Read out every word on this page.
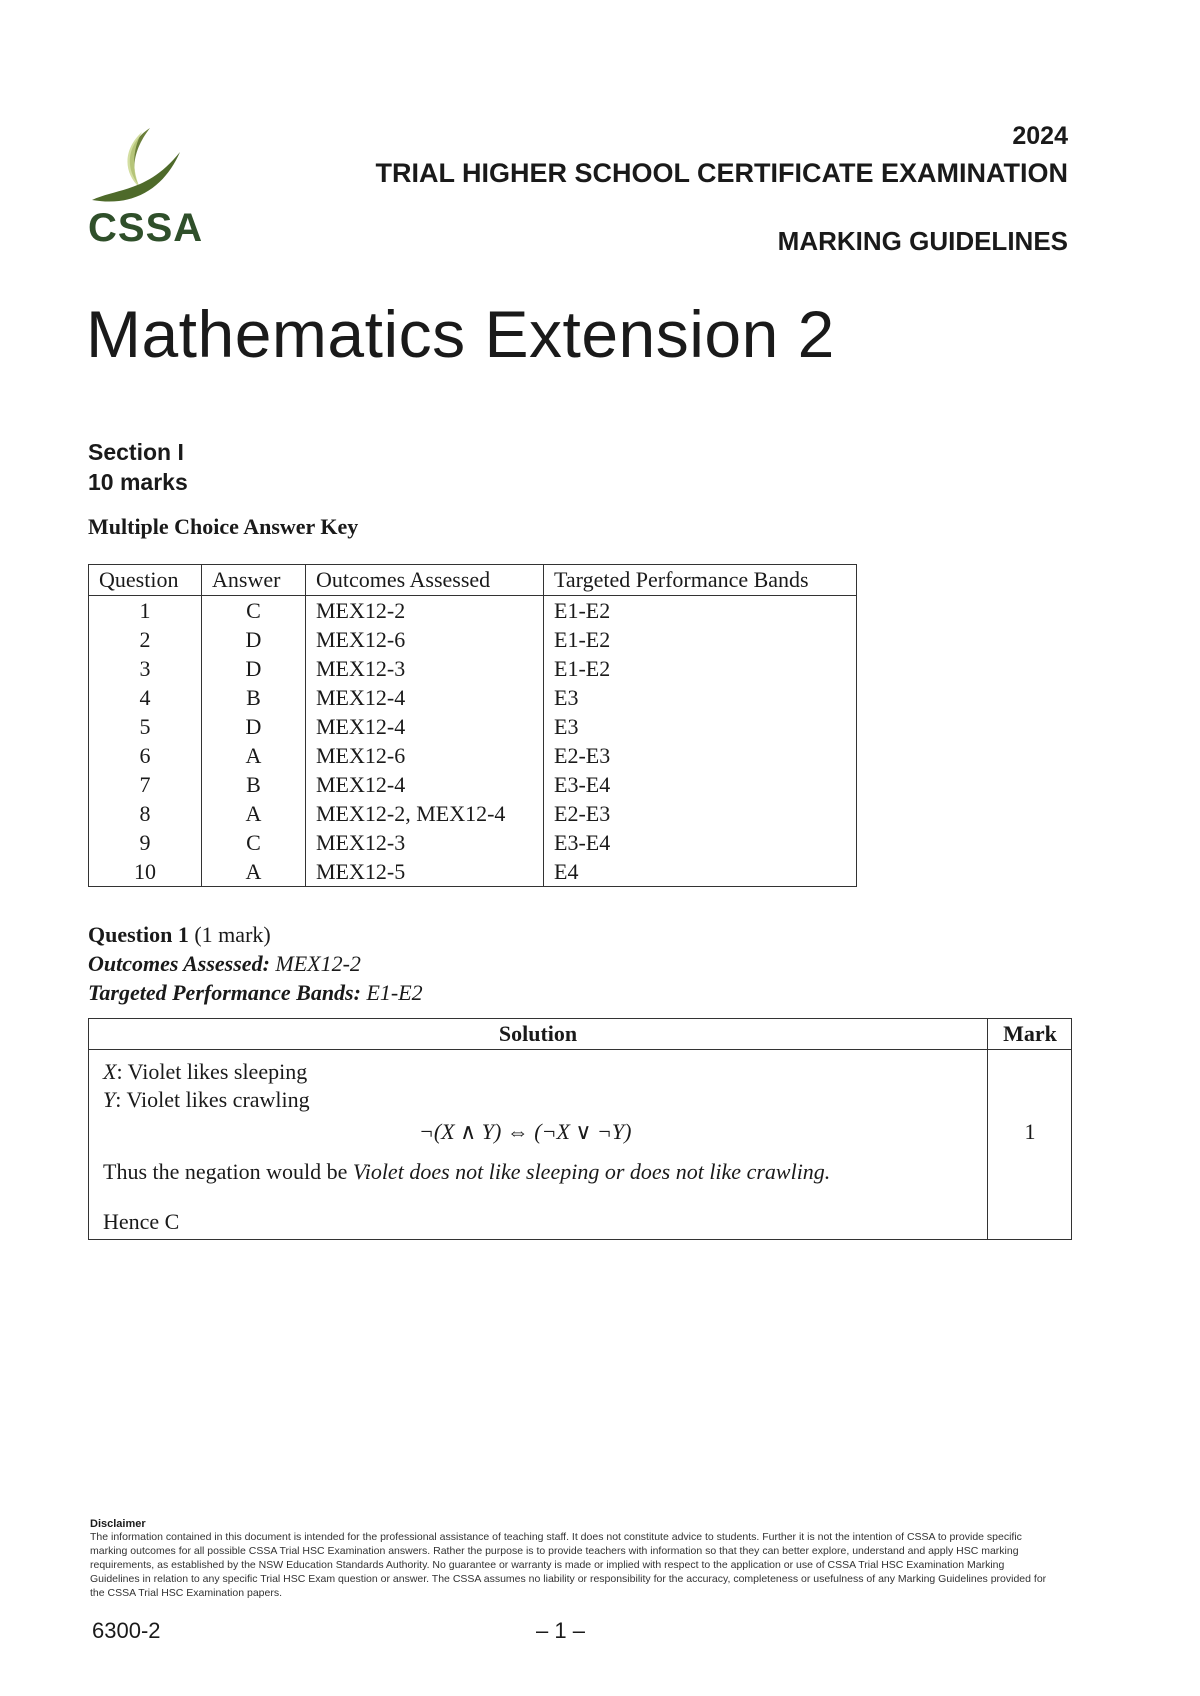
CSSA
2024
TRIAL HIGHER SCHOOL CERTIFICATE EXAMINATION
MARKING GUIDELINES
Mathematics Extension 2
Section I
10 marks
Multiple Choice Answer Key
Question	Answer	Outcomes Assessed	Targeted Performance Bands
1	C	MEX12-2	E1-E2
2	D	MEX12-6	E1-E2
3	D	MEX12-3	E1-E2
4	B	MEX12-4	E3
5	D	MEX12-4	E3
6	A	MEX12-6	E2-E3
7	B	MEX12-4	E3-E4
8	A	MEX12-2, MEX12-4	E2-E3
9	C	MEX12-3	E3-E4
10	A	MEX12-5	E4
Question 1 (1 mark)
Outcomes Assessed: MEX12-2
Targeted Performance Bands: E1-E2
Solution	Mark
X: Violet likes sleeping
Y: Violet likes crawling
¬(X ∧ Y) ⇔ (¬X ∨ ¬Y)	1
Thus the negation would be Violet does not like sleeping or does not like crawling.
Hence C
Disclaimer
The information contained in this document is intended for the professional assistance of teaching staff. It does not constitute advice to students. Further it is not the intention of CSSA to provide specific marking outcomes for all possible CSSA Trial HSC Examination answers. Rather the purpose is to provide teachers with information so that they can better explore, understand and apply HSC marking requirements, as established by the NSW Education Standards Authority. No guarantee or warranty is made or implied with respect to the application or use of CSSA Trial HSC Examination Marking Guidelines in relation to any specific Trial HSC Exam question or answer. The CSSA assumes no liability or responsibility for the accuracy, completeness or usefulness of any Marking Guidelines provided for the CSSA Trial HSC Examination papers.
6300-2	– 1 –
